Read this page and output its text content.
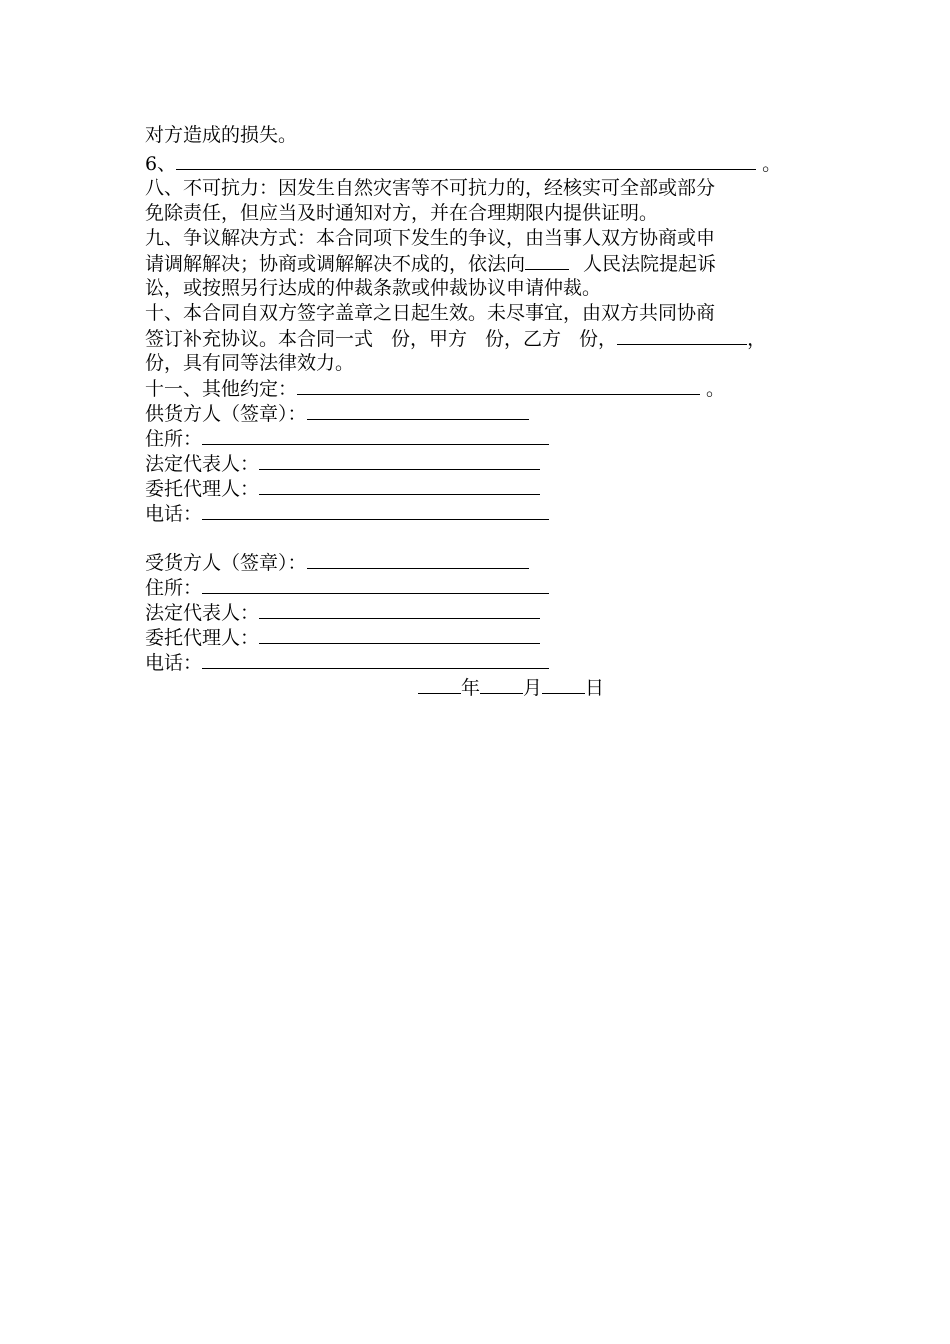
对方造成的损失。
6、	。
八、不可抗力：因发生自然灾害等不可抗力的，经核实可全部或部分
免除责任，但应当及时通知对方，并在合理期限内提供证明。
九、争议解决方式：本合同项下发生的争议，由当事人双方协商或申
请调解解决；协商或调解解决不成的，依法向	人民法院提起诉
讼，或按照另行达成的仲裁条款或仲裁协议申请仲裁。
十、本合同自双方签字盖章之日起生效。未尽事宜，由双方共同协商
签订补充协议。本合同一式 份，甲方 份，乙方 份，	，
份，具有同等法律效力。
十一、其他约定：	。
供货方人（签章）：
住所：
法定代表人：
委托代理人：
电话：
受货方人（签章）：
住所：
法定代表人：
委托代理人：
电话：
年 月 日
